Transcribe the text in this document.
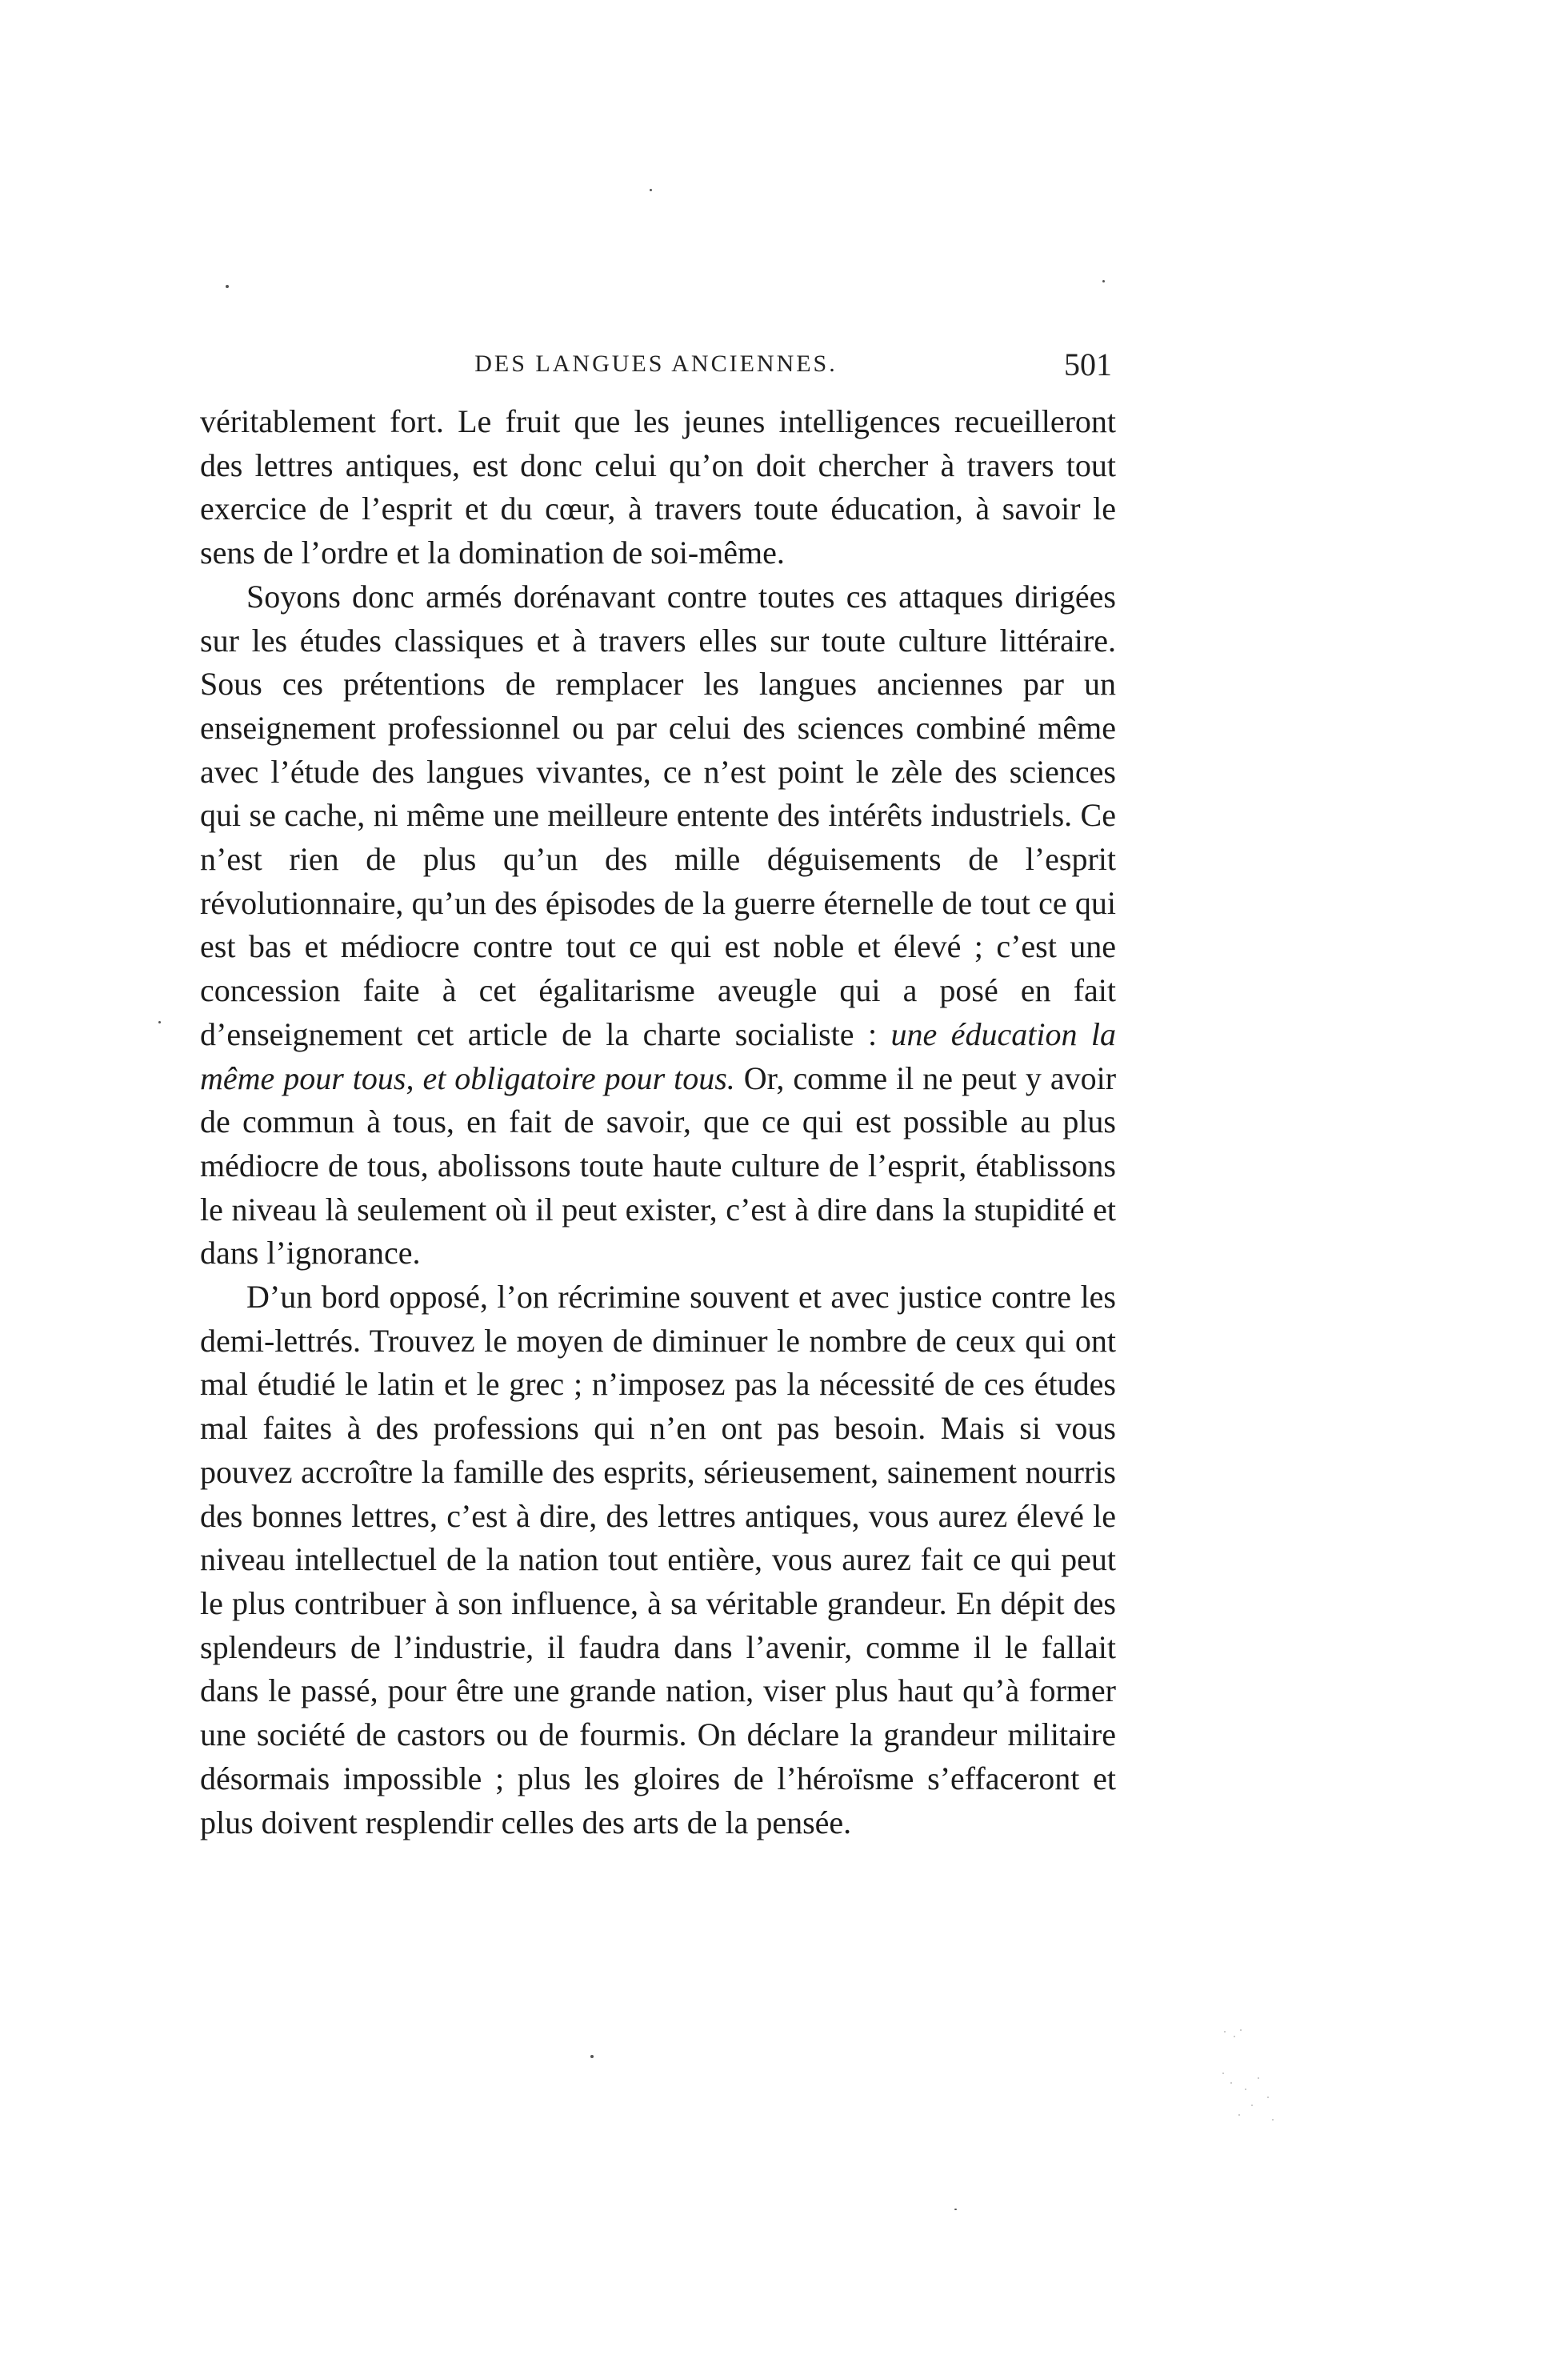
DES LANGUES ANCIENNES.	501

véritablement fort. Le fruit que les jeunes intelligences recueilleront des lettres antiques, est donc celui qu’on doit chercher à travers tout exercice de l’esprit et du cœur, à travers toute éducation, à savoir le sens de l’ordre et la domination de soi-même.

Soyons donc armés dorénavant contre toutes ces attaques dirigées sur les études classiques et à travers elles sur toute culture littéraire. Sous ces prétentions de remplacer les langues anciennes par un enseignement professionnel ou par celui des sciences combiné même avec l’étude des langues vivantes, ce n’est point le zèle des sciences qui se cache, ni même une meilleure entente des intérêts industriels. Ce n’est rien de plus qu’un des mille déguisements de l’esprit révolutionnaire, qu’un des épisodes de la guerre éternelle de tout ce qui est bas et médiocre contre tout ce qui est noble et élevé ; c’est une concession faite à cet égalitarisme aveugle qui a posé en fait d’enseignement cet article de la charte socialiste : une éducation la même pour tous, et obligatoire pour tous. Or, comme il ne peut y avoir de commun à tous, en fait de savoir, que ce qui est possible au plus médiocre de tous, abolissons toute haute culture de l’esprit, établissons le niveau là seulement où il peut exister, c’est à dire dans la stupidité et dans l’ignorance.

D’un bord opposé, l’on récrimine souvent et avec justice contre les demi-lettrés. Trouvez le moyen de diminuer le nombre de ceux qui ont mal étudié le latin et le grec ; n’imposez pas la nécessité de ces études mal faites à des professions qui n’en ont pas besoin. Mais si vous pouvez accroître la famille des esprits, sérieusement, sainement nourris des bonnes lettres, c’est à dire, des lettres antiques, vous aurez élevé le niveau intellectuel de la nation tout entière, vous aurez fait ce qui peut le plus contribuer à son influence, à sa véritable grandeur. En dépit des splendeurs de l’industrie, il faudra dans l’avenir, comme il le fallait dans le passé, pour être une grande nation, viser plus haut qu’à former une société de castors ou de fourmis. On déclare la grandeur militaire désormais impossible ; plus les gloires de l’héroïsme s’effaceront et plus doivent resplendir celles des arts de la pensée.
